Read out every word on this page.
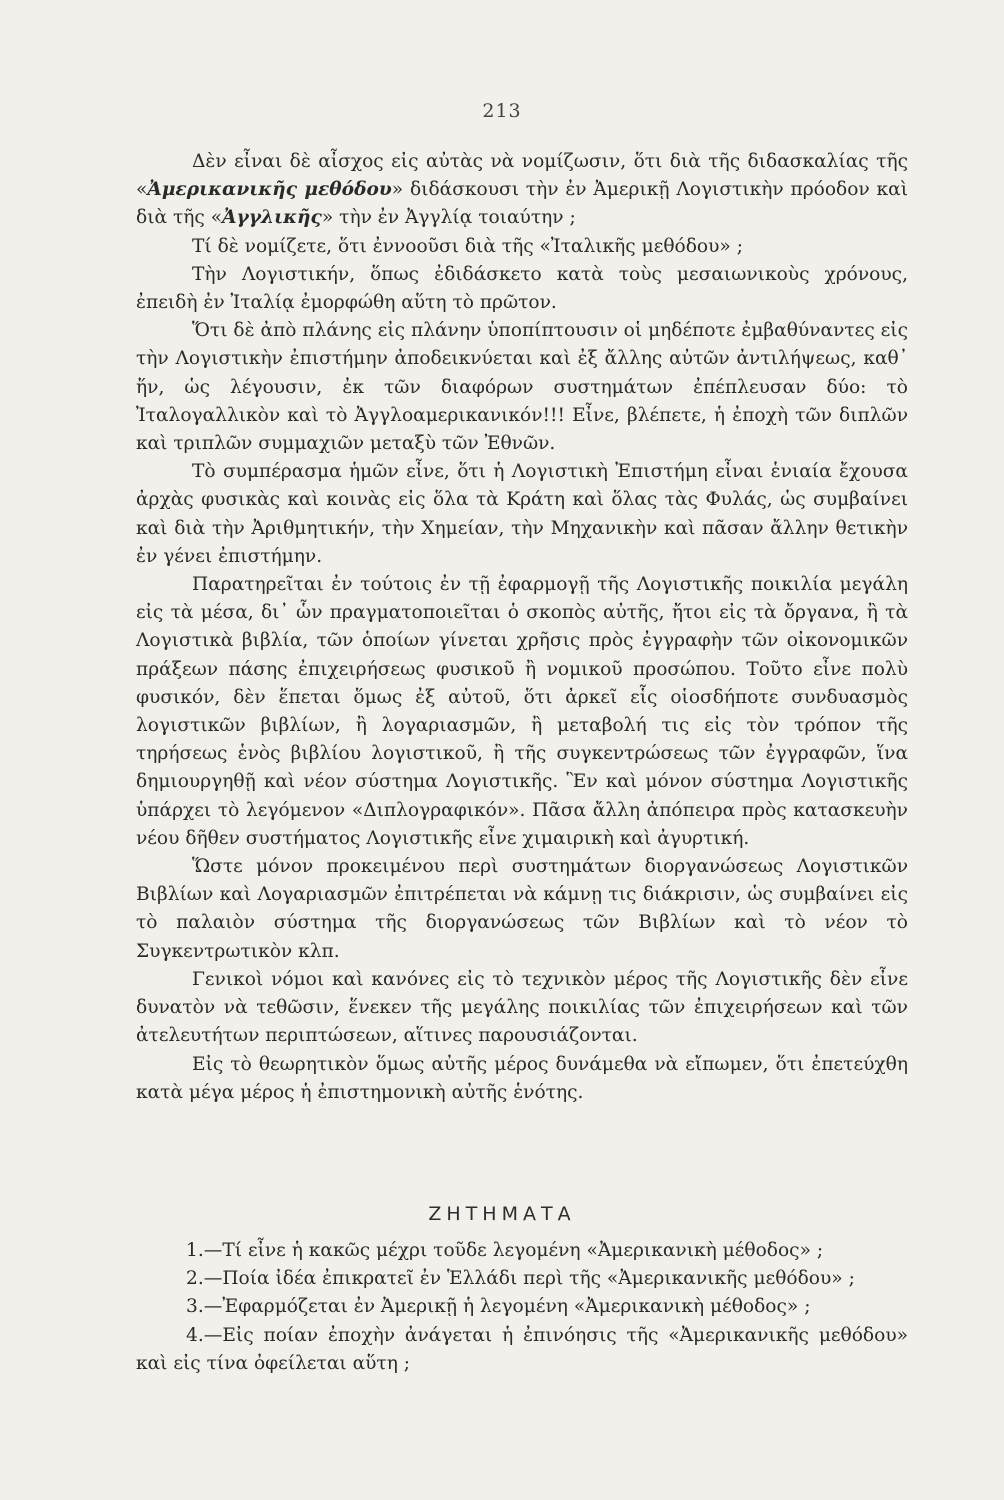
213

Δὲν εἶναι δὲ αἶσχος εἰς αὐτὰς νὰ νομίζωσιν, ὅτι διὰ τῆς διδασκαλίας τῆς «Ἀμερικανικῆς μεθόδου» διδάσκουσι τὴν ἐν Ἀμερικῇ Λογιστικὴν πρόοδον καὶ διὰ τῆς «Ἀγγλικῆς» τὴν ἐν Ἀγγλίᾳ τοιαύτην ;

Τί δὲ νομίζετε, ὅτι ἐννοοῦσι διὰ τῆς «Ἰταλικῆς μεθόδου» ;

Τὴν Λογιστικήν, ὅπως ἐδιδάσκετο κατὰ τοὺς μεσαιωνικοὺς χρόνους, ἐπειδὴ ἐν Ἰταλίᾳ ἐμορφώθη αὕτη τὸ πρῶτον.

Ὅτι δὲ ἀπὸ πλάνης εἰς πλάνην ὑποπίπτουσιν οἱ μηδέποτε ἐμβαθύναντες εἰς τὴν Λογιστικὴν ἐπιστήμην ἀποδεικνύεται καὶ ἐξ ἄλλης αὐτῶν ἀντιλήψεως, καθ᾽ ἥν, ὡς λέγουσιν, ἐκ τῶν διαφόρων συστημάτων ἐπέπλευσαν δύο: τὸ Ἰταλογαλλικὸν καὶ τὸ Ἀγγλοαμερικανικόν!!! Εἶνε, βλέπετε, ἡ ἐποχὴ τῶν διπλῶν καὶ τριπλῶν συμμαχιῶν μεταξὺ τῶν Ἐθνῶν.

Τὸ συμπέρασμα ἡμῶν εἶνε, ὅτι ἡ Λογιστικὴ Ἐπιστήμη εἶναι ἑνιαία ἔχουσα ἀρχὰς φυσικὰς καὶ κοινὰς εἰς ὅλα τὰ Κράτη καὶ ὅλας τὰς Φυλάς, ὡς συμβαίνει καὶ διὰ τὴν Ἀριθμητικήν, τὴν Χημείαν, τὴν Μηχανικὴν καὶ πᾶσαν ἄλλην θετικὴν ἐν γένει ἐπιστήμην.

Παρατηρεῖται ἐν τούτοις ἐν τῇ ἐφαρμογῇ τῆς Λογιστικῆς ποικιλία μεγάλη εἰς τὰ μέσα, δι᾽ ὧν πραγματοποιεῖται ὁ σκοπὸς αὐτῆς, ἤτοι εἰς τὰ ὄργανα, ἢ τὰ Λογιστικὰ βιβλία, τῶν ὁποίων γίνεται χρῆσις πρὸς ἐγγραφὴν τῶν οἰκονομικῶν πράξεων πάσης ἐπιχειρήσεως φυσικοῦ ἢ νομικοῦ προσώπου. Τοῦτο εἶνε πολὺ φυσικόν, δὲν ἕπεται ὅμως ἐξ αὐτοῦ, ὅτι ἀρκεῖ εἷς οἱοσδήποτε συνδυασμὸς λογιστικῶν βιβλίων, ἢ λογαριασμῶν, ἢ μεταβολή τις εἰς τὸν τρόπον τῆς τηρήσεως ἑνὸς βιβλίου λογιστικοῦ, ἢ τῆς συγκεντρώσεως τῶν ἐγγραφῶν, ἵνα δημιουργηθῇ καὶ νέον σύστημα Λογιστικῆς. Ἓν καὶ μόνον σύστημα Λογιστικῆς ὑπάρχει τὸ λεγόμενον «Διπλογραφικόν». Πᾶσα ἄλλη ἀπόπειρα πρὸς κατασκευὴν νέου δῆθεν συστήματος Λογιστικῆς εἶνε χιμαιρικὴ καὶ ἀγυρτική.

Ὥστε μόνον προκειμένου περὶ συστημάτων διοργανώσεως Λογιστικῶν Βιβλίων καὶ Λογαριασμῶν ἐπιτρέπεται νὰ κάμνῃ τις διάκρισιν, ὡς συμβαίνει εἰς τὸ παλαιὸν σύστημα τῆς διοργανώσεως τῶν Βιβλίων καὶ τὸ νέον τὸ Συγκεντρωτικὸν κλπ.

Γενικοὶ νόμοι καὶ κανόνες εἰς τὸ τεχνικὸν μέρος τῆς Λογιστικῆς δὲν εἶνε δυνατὸν νὰ τεθῶσιν, ἕνεκεν τῆς μεγάλης ποικιλίας τῶν ἐπιχειρήσεων καὶ τῶν ἀτελευτήτων περιπτώσεων, αἵτινες παρουσιάζονται.

Εἰς τὸ θεωρητικὸν ὅμως αὐτῆς μέρος δυνάμεθα νὰ εἴπωμεν, ὅτι ἐπετεύχθη κατὰ μέγα μέρος ἡ ἐπιστημονικὴ αὐτῆς ἑνότης.

ΖΗΤΗΜΑΤΑ

1.—Τί εἶνε ἡ κακῶς μέχρι τοῦδε λεγομένη «Ἀμερικανικὴ μέθοδος» ;

2.—Ποία ἰδέα ἐπικρατεῖ ἐν Ἑλλάδι περὶ τῆς «Ἀμερικανικῆς μεθόδου» ;

3.—Ἐφαρμόζεται ἐν Ἀμερικῇ ἡ λεγομένη «Ἀμερικανικὴ μέθοδος» ;

4.—Εἰς ποίαν ἐποχὴν ἀνάγεται ἡ ἐπινόησις τῆς «Ἀμερικανικῆς μεθόδου» καὶ εἰς τίνα ὀφείλεται αὕτη ;
